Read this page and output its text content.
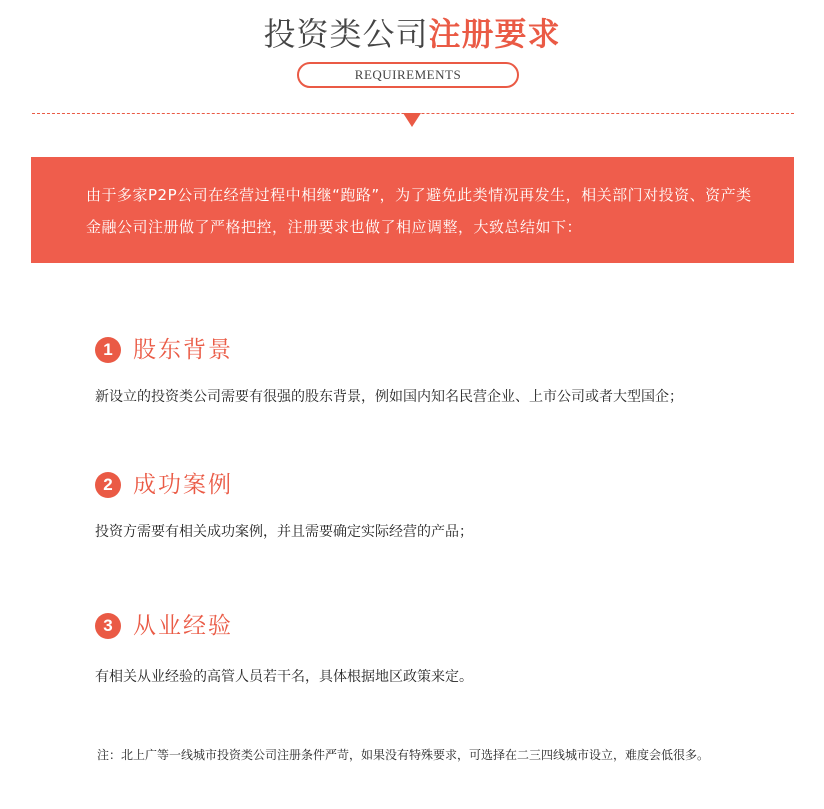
投资类公司注册要求
REQUIREMENTS
由于多家P2P公司在经营过程中相继“跑路”，为了避免此类情况再发生，相关部门对投资、资产类金融公司注册做了严格把控，注册要求也做了相应调整，大致总结如下：
1 股东背景
新设立的投资类公司需要有很强的股东背景，例如国内知名民营企业、上市公司或者大型国企；
2 成功案例
投资方需要有相关成功案例，并且需要确定实际经营的产品；
3 从业经验
有相关从业经验的高管人员若干名，具体根据地区政策来定。
注：北上广等一线城市投资类公司注册条件严苛，如果没有特殊要求，可选择在二三四线城市设立，难度会低很多。
